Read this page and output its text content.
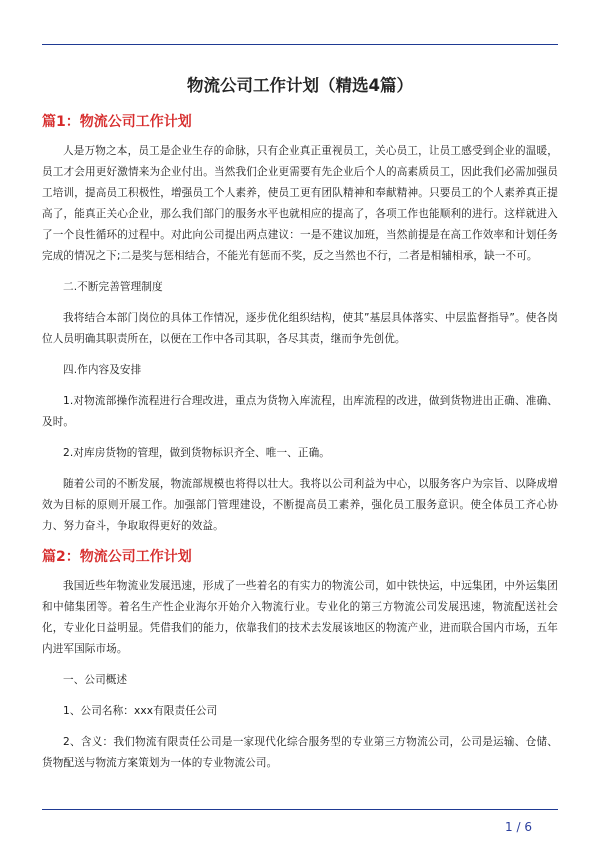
物流公司工作计划（精选4篇）
篇1：物流公司工作计划

人是万物之本，员工是企业生存的命脉，只有企业真正重视员工，关心员工，让员工感受到企业的温暖，员工才会用更好激情来为企业付出。当然我们企业更需要有先企业后个人的高素质员工，因此我们必需加强员工培训，提高员工积极性，增强员工个人素养，使员工更有团队精神和奉献精神。只要员工的个人素养真正提高了，能真正关心企业，那么我们部门的服务水平也就相应的提高了，各项工作也能顺利的进行。这样就进入了一个良性循环的过程中。对此向公司提出两点建议：一是不建议加班，当然前提是在高工作效率和计划任务完成的情况之下;二是奖与惩相结合，不能光有惩而不奖，反之当然也不行，二者是相辅相承，缺一不可。

二.不断完善管理制度

我将结合本部门岗位的具体工作情况，逐步优化组织结构，使其”基层具体落实、中层监督指导”。使各岗位人员明确其职责所在，以便在工作中各司其职，各尽其责，继而争先创优。

四.作内容及安排

1.对物流部操作流程进行合理改进，重点为货物入库流程，出库流程的改进，做到货物进出正确、准确、及时。

2.对库房货物的管理，做到货物标识齐全、唯一、正确。

随着公司的不断发展，物流部规模也将得以壮大。我将以公司利益为中心，以服务客户为宗旨、以降成增效为目标的原则开展工作。加强部门管理建设，不断提高员工素养，强化员工服务意识。使全体员工齐心协力、努力奋斗，争取取得更好的效益。

篇2：物流公司工作计划

我国近些年物流业发展迅速，形成了一些着名的有实力的物流公司，如中铁快运，中远集团，中外运集团和中储集团等。着名生产性企业海尔开始介入物流行业。专业化的第三方物流公司发展迅速，物流配送社会化，专业化日益明显。凭借我们的能力，依靠我们的技术去发展该地区的物流产业，进而联合国内市场，五年内进军国际市场。

一、公司概述

1、公司名称：xxx有限责任公司

2、含义：我们物流有限责任公司是一家现代化综合服务型的专业第三方物流公司，公司是运输、仓储、货物配送与物流方案策划为一体的专业物流公司。

1 / 6
